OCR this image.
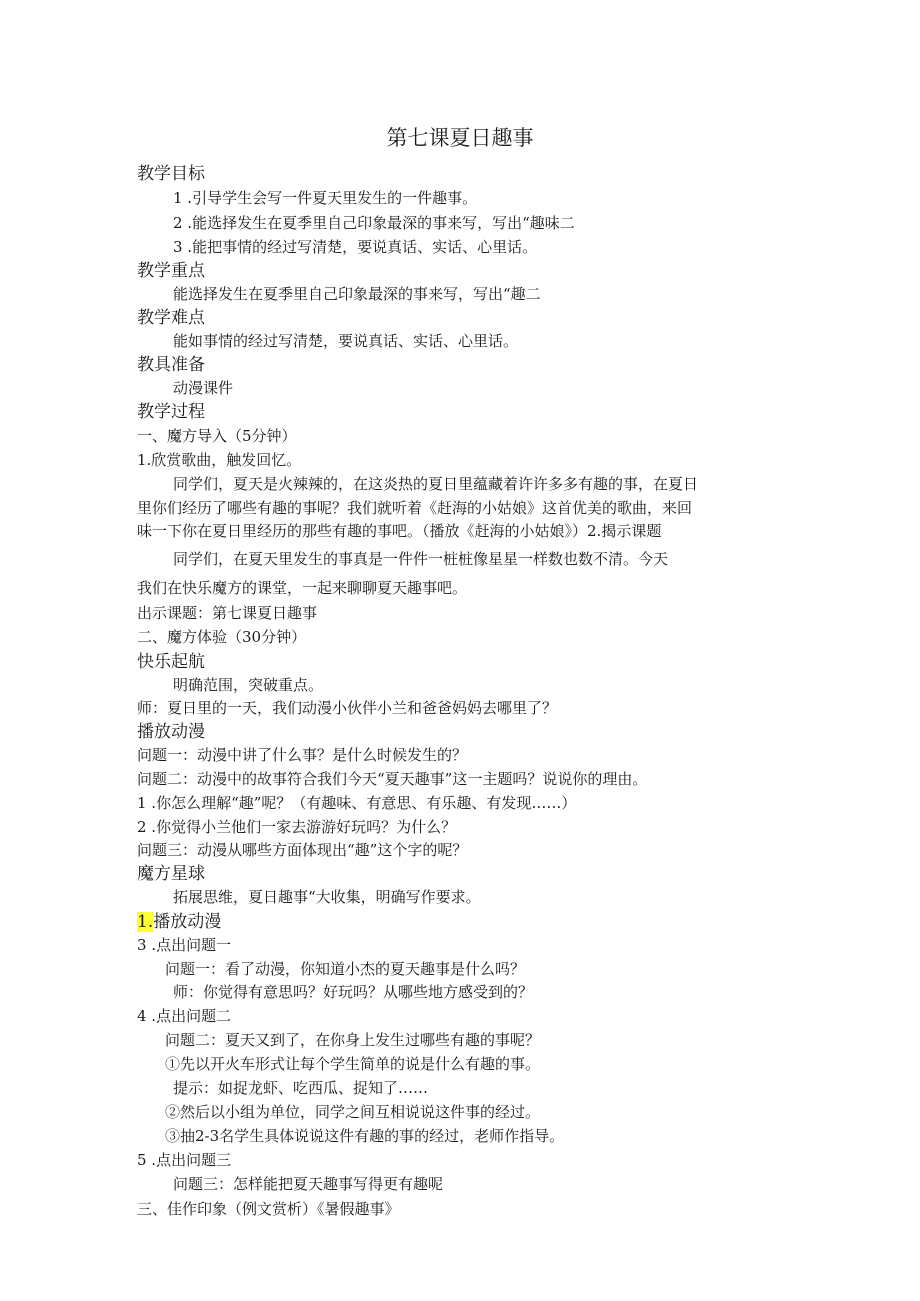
第七课夏日趣事
教学目标
1 .引导学生会写一件夏天里发生的一件趣事。
2 .能选择发生在夏季里自己印象最深的事来写，写出“趣味二
3 .能把事情的经过写清楚，要说真话、实话、心里话。
教学重点
能选择发生在夏季里自己印象最深的事来写，写出“趣二
教学难点
能如事情的经过写清楚，要说真话、实话、心里话。
教具准备
动漫课件
教学过程
一、魔方导入（5分钟）
1.欣赏歌曲，触发回忆。
同学们，夏天是火辣辣的，在这炎热的夏日里蕴藏着许许多多有趣的事，在夏日
里你们经历了哪些有趣的事呢？我们就听着《赶海的小姑娘》这首优美的歌曲，来回
味一下你在夏日里经历的那些有趣的事吧。（播放《赶海的小姑娘》）2.揭示课题
同学们，在夏天里发生的事真是一件件一桩桩像星星一样数也数不清。今天
我们在快乐魔方的课堂，一起来聊聊夏天趣事吧。
出示课题：第七课夏日趣事
二、魔方体验（30分钟）
快乐起航
明确范围，突破重点。
师：夏日里的一天，我们动漫小伙伴小兰和爸爸妈妈去哪里了？
播放动漫
问题一：动漫中讲了什么事？是什么时候发生的？
问题二：动漫中的故事符合我们今天“夏天趣事”这一主题吗？说说你的理由。
1 .你怎么理解“趣”呢？（有趣味、有意思、有乐趣、有发现……）
2 .你觉得小兰他们一家去游游好玩吗？为什么？
问题三：动漫从哪些方面体现出“趣”这个字的呢？
魔方星球
拓展思维，夏日趣事“大收集，明确写作要求。
1.播放动漫
3 .点出问题一
问题一：看了动漫，你知道小杰的夏天趣事是什么吗？
师：你觉得有意思吗？好玩吗？从哪些地方感受到的？
4 .点出问题二
问题二：夏天又到了，在你身上发生过哪些有趣的事呢？
①先以开火车形式让每个学生简单的说是什么有趣的事。
提示：如捉龙虾、吃西瓜、捉知了……
②然后以小组为单位，同学之间互相说说这件事的经过。
③抽2-3名学生具体说说这件有趣的事的经过，老师作指导。
5 .点出问题三
问题三：怎样能把夏天趣事写得更有趣呢
三、佳作印象（例文赏析）《暑假趣事》
